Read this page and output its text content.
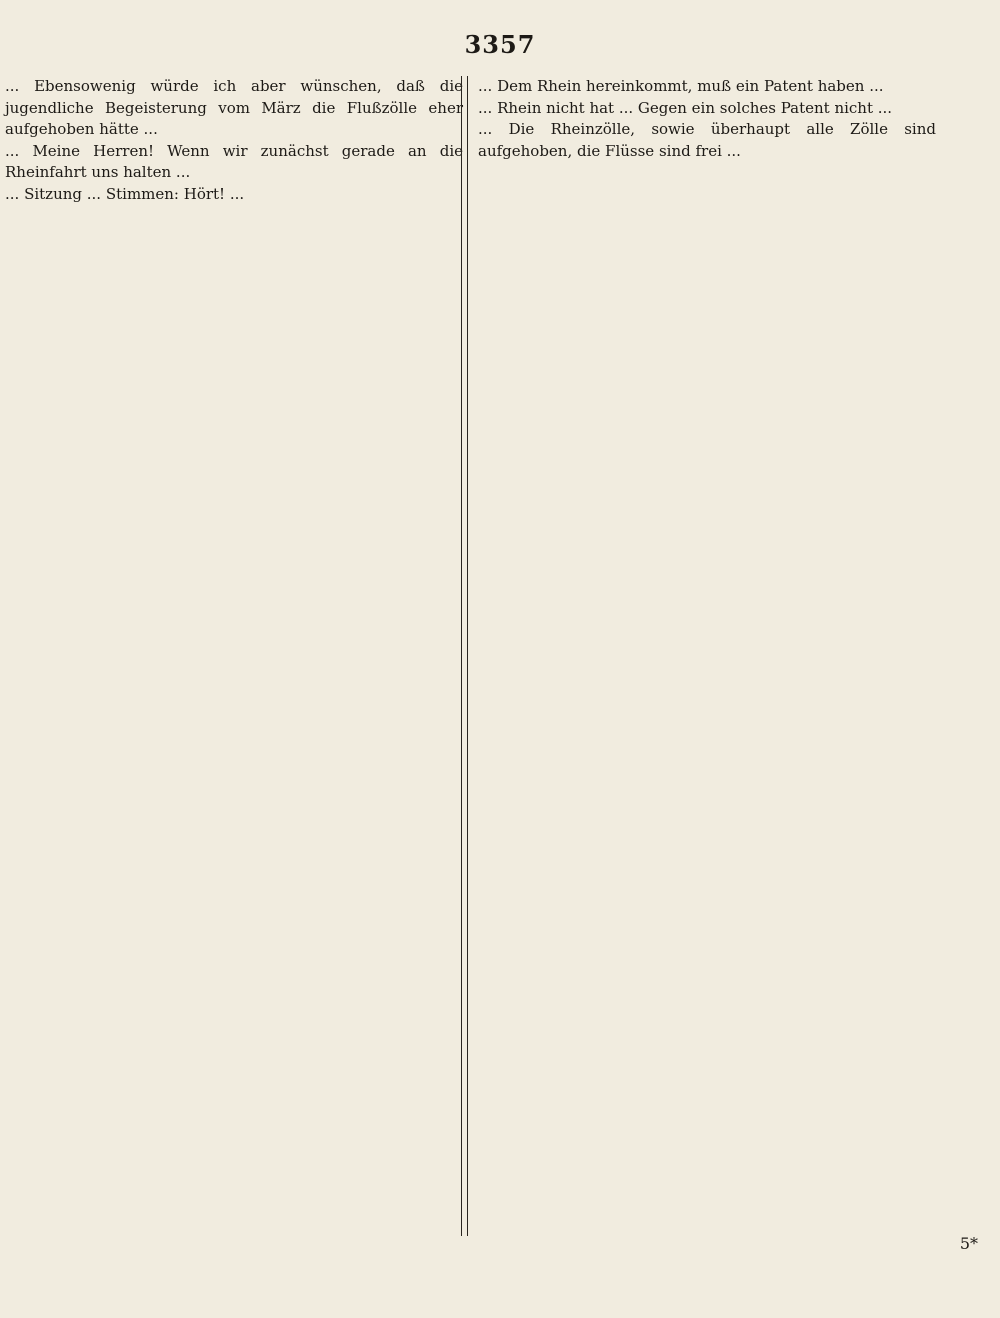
3357

... Ebensowenig würde ich aber wünschen, daß die jugendliche Begeisterung vom März die Flußzölle eher aufgehoben hätte ...

... Meine Herren! Wenn wir zunächst gerade an die Rheinfahrt uns halten ...

... Sitzung ... Stimmen: Hört! ...

... Dem Rhein hereinkommt, muß ein Patent haben ...

... Rhein nicht hat ... Gegen ein solches Patent nicht ...

... Die Rheinzölle, sowie überhaupt alle Zölle sind aufgehoben, die Flüsse sind frei ...

5*
